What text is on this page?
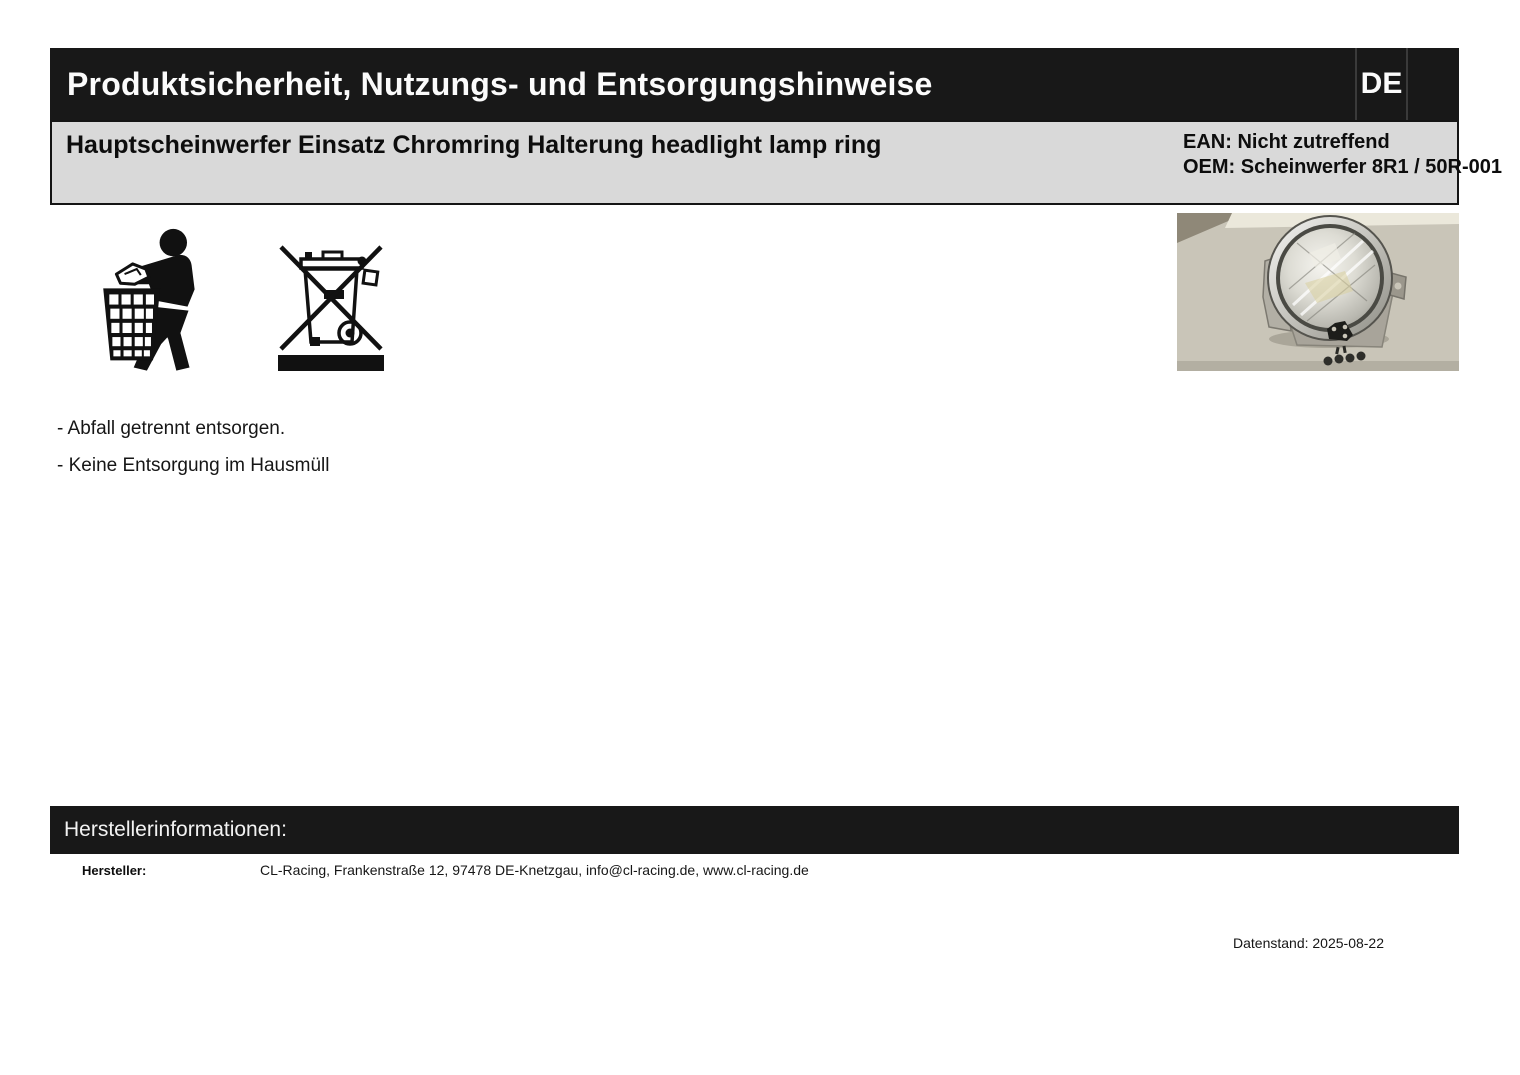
Produktsicherheit, Nutzungs- und Entsorgungshinweise	DE
Hauptscheinwerfer Einsatz Chromring Halterung headlight lamp ring	EAN: Nicht zutreffend
OEM: Scheinwerfer 8R1 / 50R-001
- Abfall getrennt entsorgen.
- Keine Entsorgung im Hausmüll
Herstellerinformationen:
Hersteller:	CL-Racing, Frankenstraße 12, 97478 DE-Knetzgau, info@cl-racing.de, www.cl-racing.de
Datenstand: 2025-08-22
